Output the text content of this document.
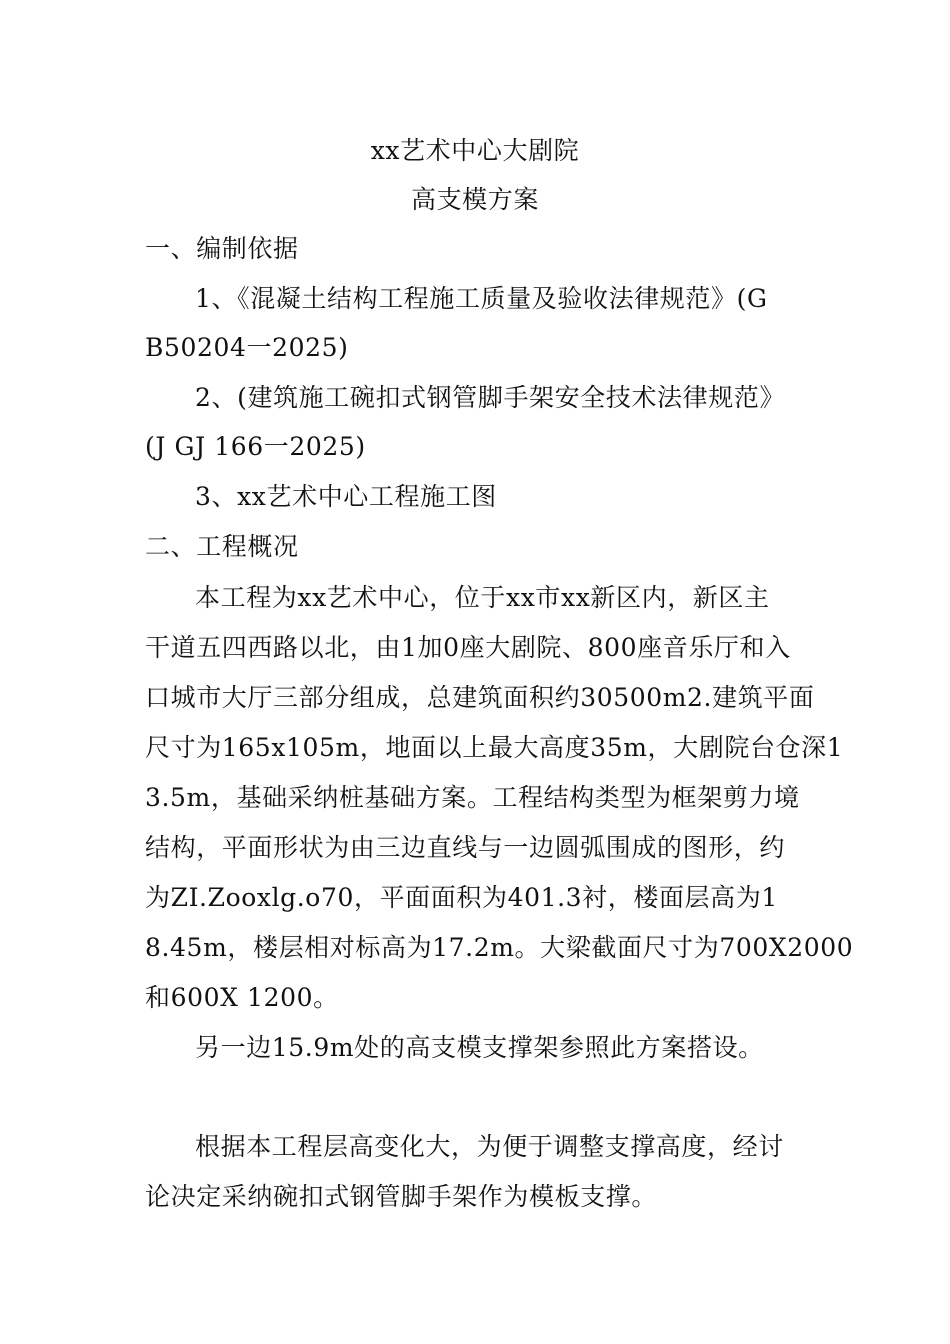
xx艺术中心大剧院
高支模方案
一、编制依据
1、《混凝土结构工程施工质量及验收法律规范》(G
B50204一2025)
2、(建筑施工碗扣式钢管脚手架安全技术法律规范》
(J GJ 166一2025)
3、xx艺术中心工程施工图
二、工程概况
本工程为xx艺术中心，位于xx市xx新区内，新区主
干道五四西路以北，由1加0座大剧院、800座音乐厅和入
口城市大厅三部分组成，总建筑面积约30500m2.建筑平面
尺寸为165x105m，地面以上最大高度35m，大剧院台仓深1
3.5m，基础采纳桩基础方案。工程结构类型为框架剪力境
结构，平面形状为由三边直线与一边圆弧围成的图形，约
为ZI.Zooxlg.o70，平面面积为401.3衬，楼面层高为1
8.45m，楼层相对标高为17.2m。大梁截面尺寸为700X2000
和600X 1200。
另一边15.9m处的高支模支撑架参照此方案搭设。
根据本工程层高变化大，为便于调整支撑高度，经讨
论决定采纳碗扣式钢管脚手架作为模板支撑。
